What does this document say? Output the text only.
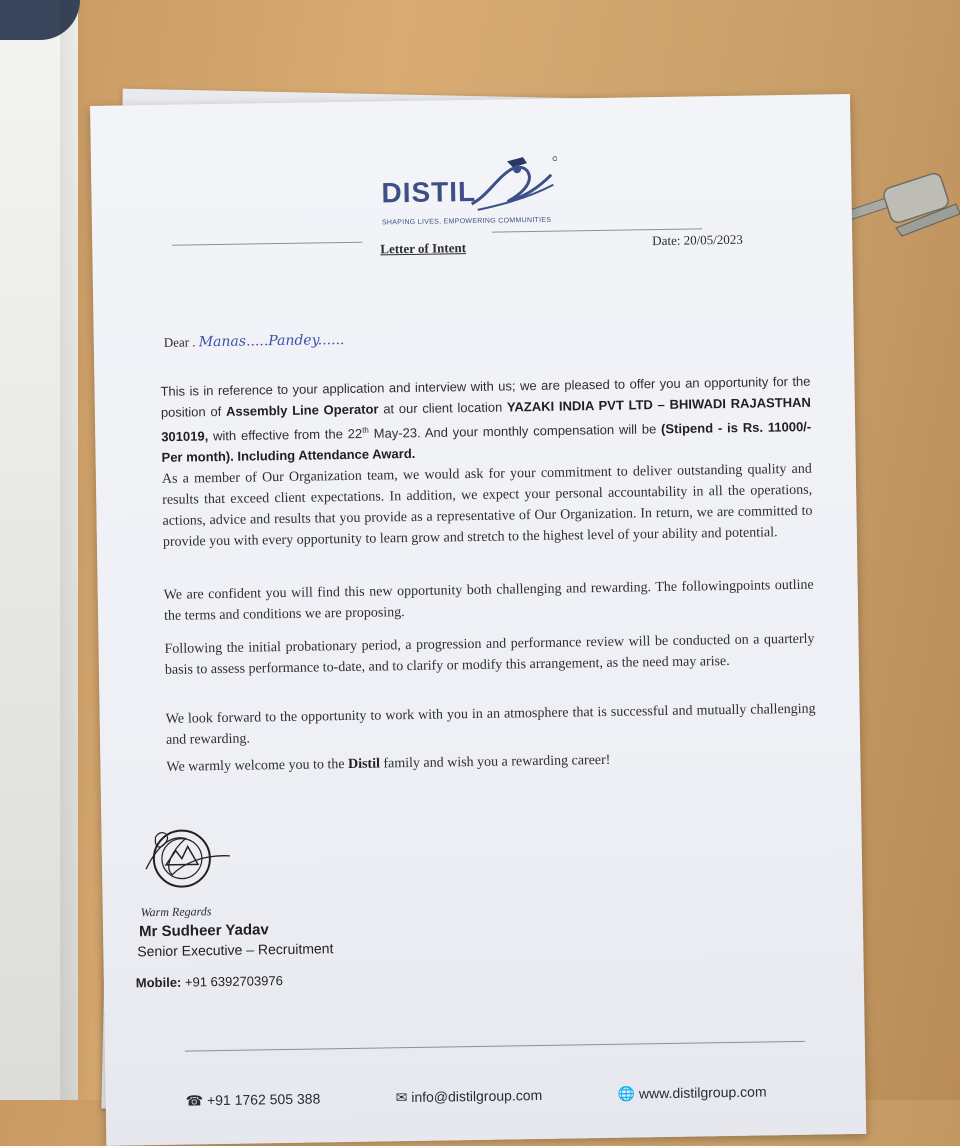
DISTIL
SHAPING LIVES, EMPOWERING COMMUNITIES
Letter of Intent
Date: 20/05/2023
Dear . Manas.....Pandey......
This is in reference to your application and interview with us; we are pleased to offer you an opportunity for the position of Assembly Line Operator at our client location YAZAKI INDIA PVT LTD – BHIWADI RAJASTHAN 301019, with effective from the 22th May-23. And your monthly compensation will be (Stipend - is Rs. 11000/- Per month). Including Attendance Award.
As a member of Our Organization team, we would ask for your commitment to deliver outstanding quality and results that exceed client expectations. In addition, we expect your personal accountability in all the operations, actions, advice and results that you provide as a representative of Our Organization. In return, we are committed to provide you with every opportunity to learn grow and stretch to the highest level of your ability and potential.
We are confident you will find this new opportunity both challenging and rewarding. The followingpoints outline the terms and conditions we are proposing.
Following the initial probationary period, a progression and performance review will be conducted on a quarterly basis to assess performance to-date, and to clarify or modify this arrangement, as the need may arise.
We look forward to the opportunity to work with you in an atmosphere that is successful and mutually challenging and rewarding.
We warmly welcome you to the Distil family and wish you a rewarding career!
Warm Regards
Mr Sudheer Yadav
Senior Executive – Recruitment
Mobile: +91 6392703976
☎ +91 1762 505 388	✉ info@distilgroup.com	🌐 www.distilgroup.com
